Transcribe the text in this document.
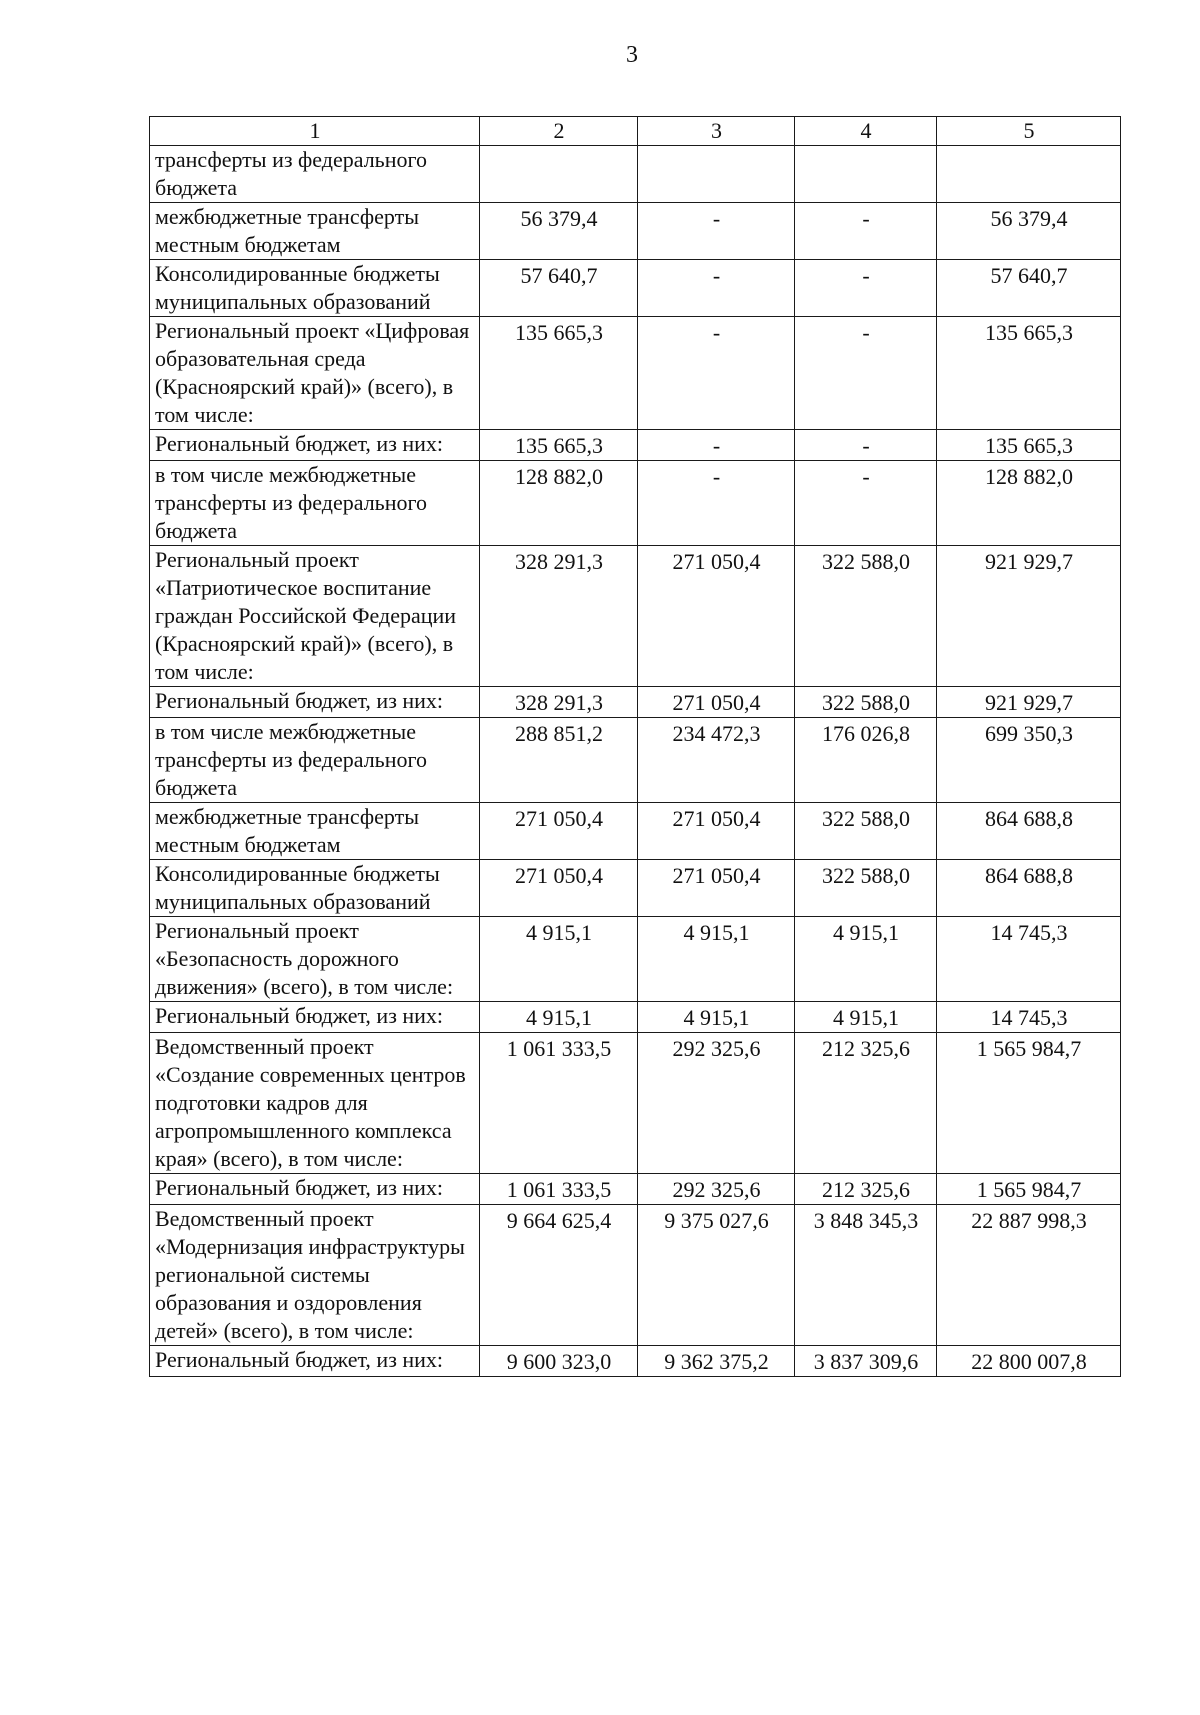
3
1	2	3	4	5
трансферты из федерального бюджета				
межбюджетные трансферты местным бюджетам	56 379,4	-	-	56 379,4
Консолидированные бюджеты муниципальных образований	57 640,7	-	-	57 640,7
Региональный проект «Цифровая образовательная среда (Красноярский край)» (всего), в том числе:	135 665,3	-	-	135 665,3
Региональный бюджет, из них:	135 665,3	-	-	135 665,3
в том числе межбюджетные трансферты из федерального бюджета	128 882,0	-	-	128 882,0
Региональный проект «Патриотическое воспитание граждан Российской Федерации (Красноярский край)» (всего), в том числе:	328 291,3	271 050,4	322 588,0	921 929,7
Региональный бюджет, из них:	328 291,3	271 050,4	322 588,0	921 929,7
в том числе межбюджетные трансферты из федерального бюджета	288 851,2	234 472,3	176 026,8	699 350,3
межбюджетные трансферты местным бюджетам	271 050,4	271 050,4	322 588,0	864 688,8
Консолидированные бюджеты муниципальных образований	271 050,4	271 050,4	322 588,0	864 688,8
Региональный проект «Безопасность дорожного движения» (всего), в том числе:	4 915,1	4 915,1	4 915,1	14 745,3
Региональный бюджет, из них:	4 915,1	4 915,1	4 915,1	14 745,3
Ведомственный проект «Создание современных центров подготовки кадров для агропромышленного комплекса края» (всего), в том числе:	1 061 333,5	292 325,6	212 325,6	1 565 984,7
Региональный бюджет, из них:	1 061 333,5	292 325,6	212 325,6	1 565 984,7
Ведомственный проект «Модернизация инфраструктуры региональной системы образования и оздоровления детей» (всего), в том числе:	9 664 625,4	9 375 027,6	3 848 345,3	22 887 998,3
Региональный бюджет, из них:	9 600 323,0	9 362 375,2	3 837 309,6	22 800 007,8
